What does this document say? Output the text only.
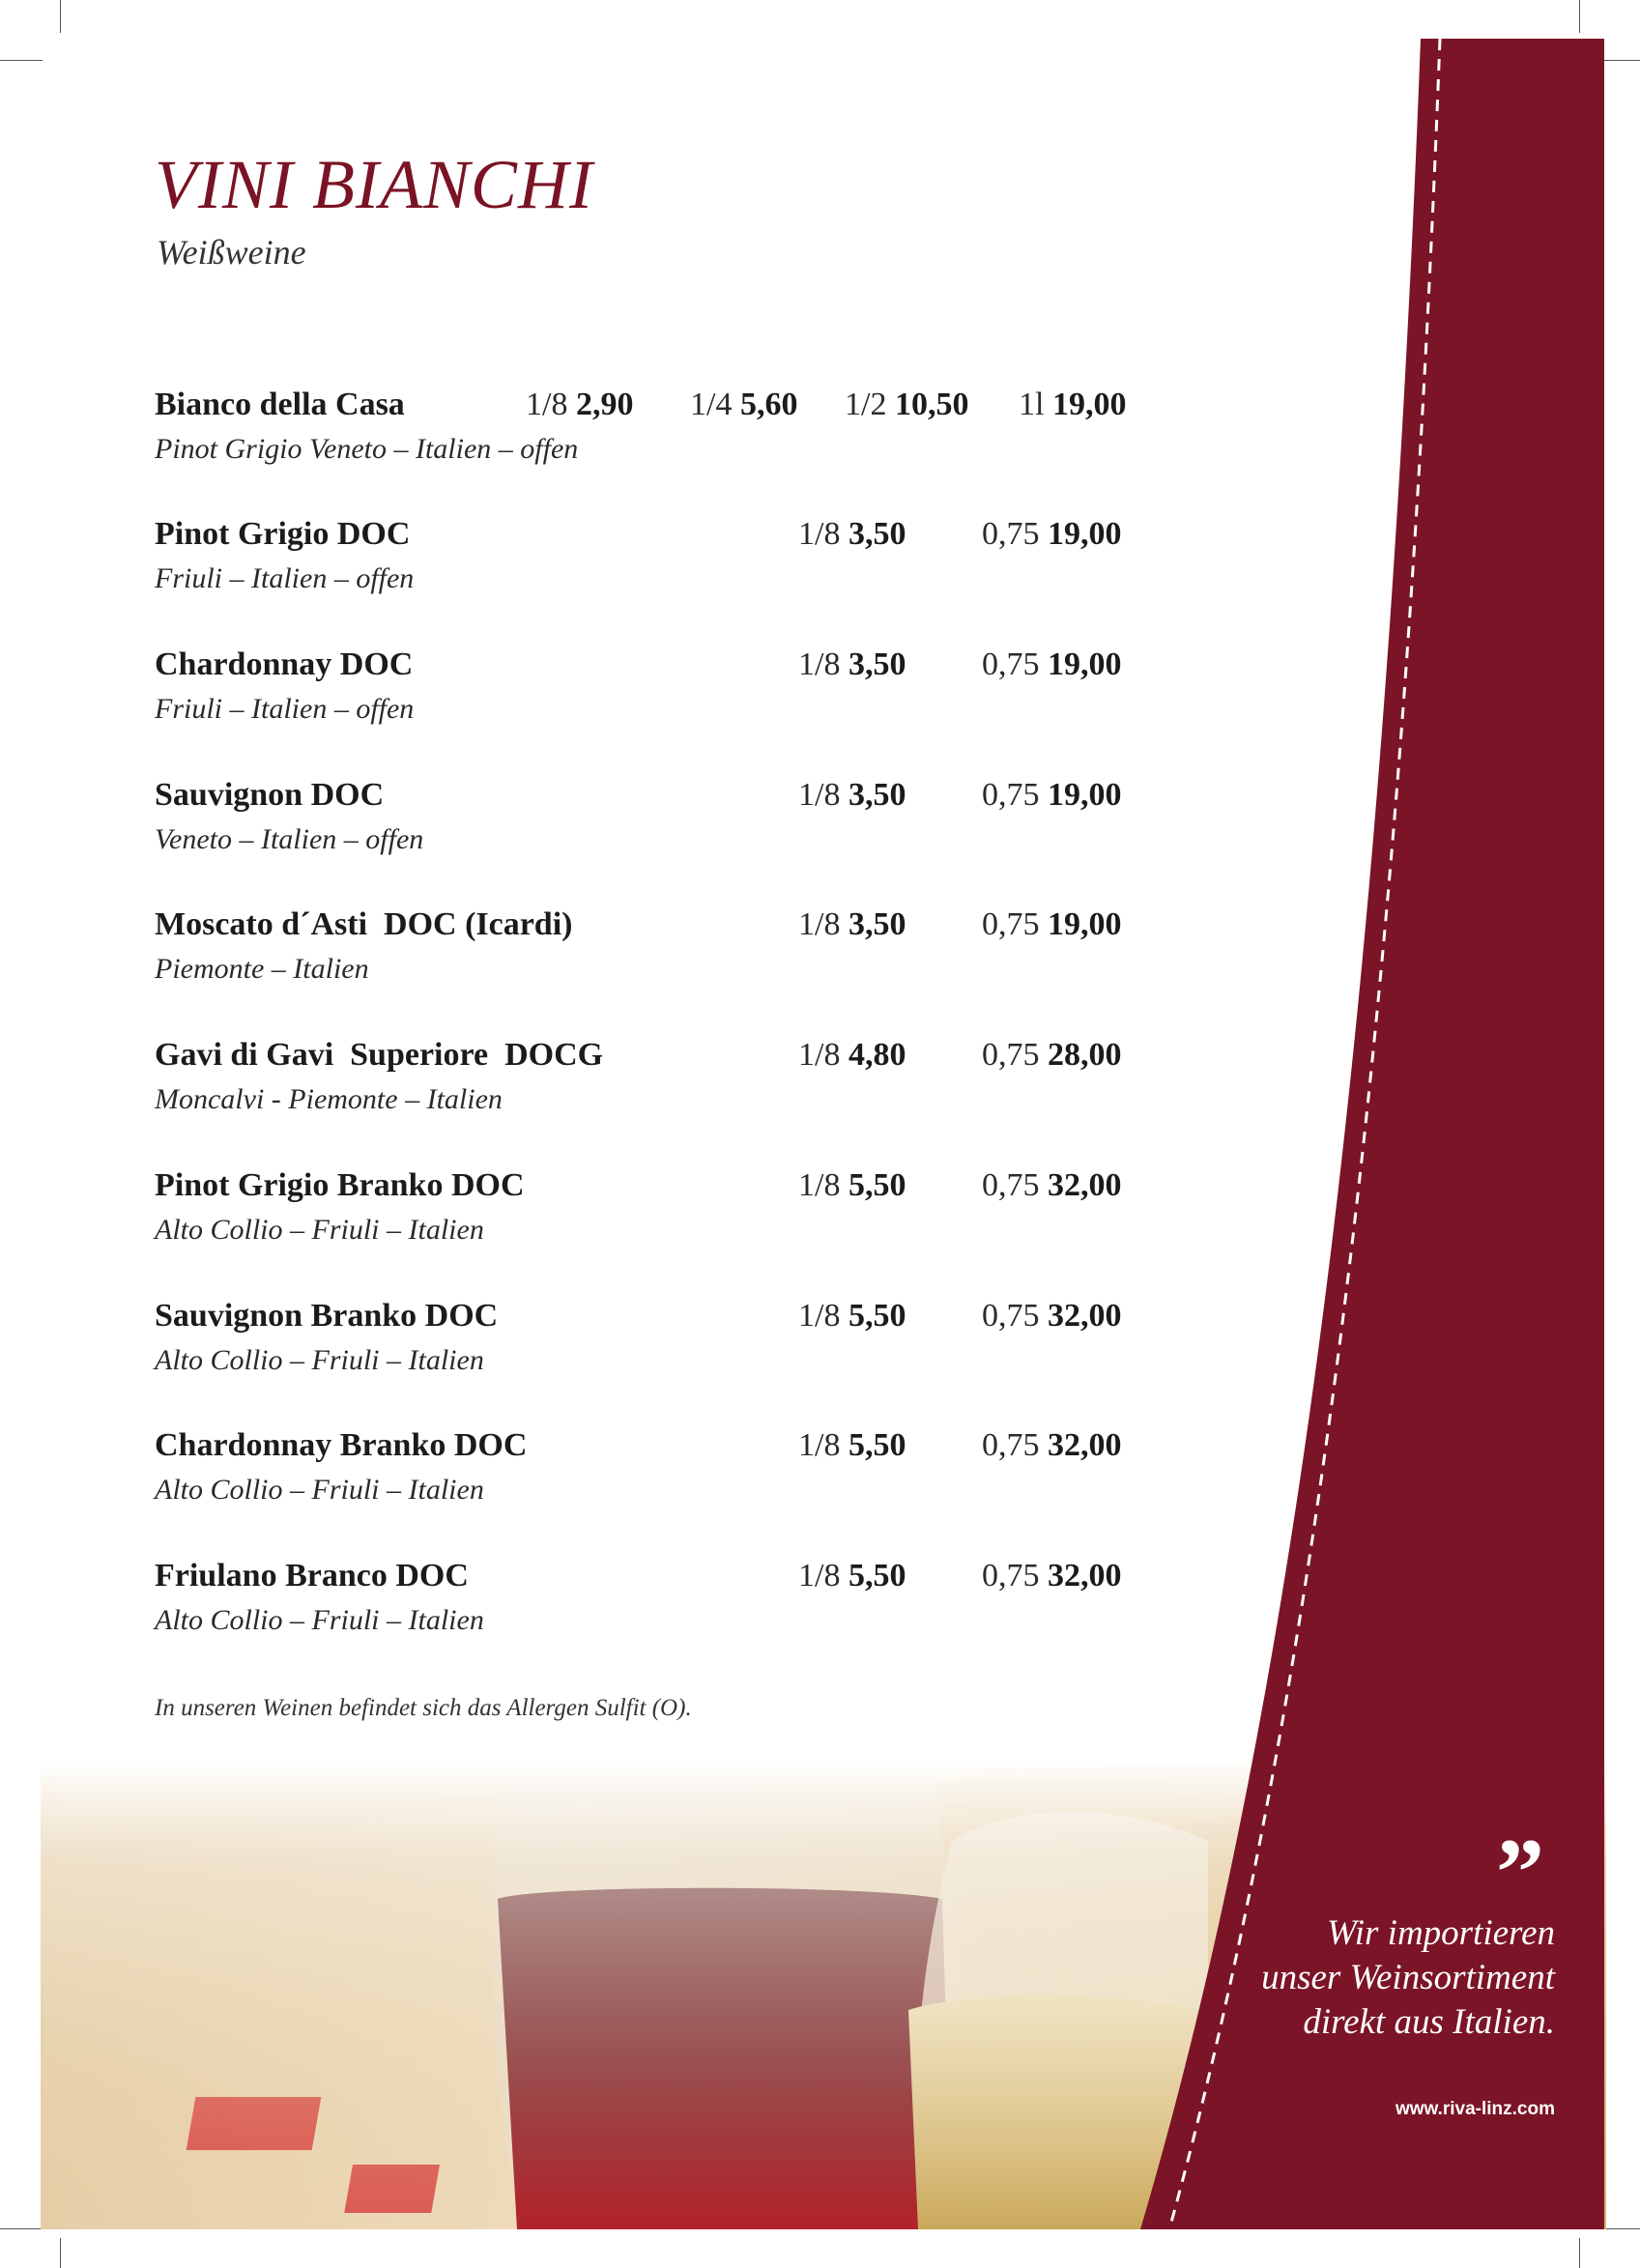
VINI BIANCHI
Weißweine
Bianco della Casa
Pinot Grigio Veneto – Italien – offen
1/8 2,90 1/4 5,60 1/2 10,50 1l 19,00
Pinot Grigio DOC
Friuli – Italien – offen
1/8 3,50 0,75 19,00
Chardonnay DOC
Friuli – Italien – offen
1/8 3,50 0,75 19,00
Sauvignon DOC
Veneto – Italien – offen
1/8 3,50 0,75 19,00
Moscato d´Asti  DOC (Icardi)
Piemonte – Italien
1/8 3,50 0,75 19,00
Gavi di Gavi  Superiore  DOCG
Moncalvi - Piemonte – Italien
1/8 4,80 0,75 28,00
Pinot Grigio Branko DOC
Alto Collio – Friuli – Italien
1/8 5,50 0,75 32,00
Sauvignon Branko DOC
Alto Collio – Friuli – Italien
1/8 5,50 0,75 32,00
Chardonnay Branko DOC
Alto Collio – Friuli – Italien
1/8 5,50 0,75 32,00
Friulano Branco DOC
Alto Collio – Friuli – Italien
1/8 5,50 0,75 32,00
In unseren Weinen befindet sich das Allergen Sulfit (O).
”
Wir importieren
unser Weinsortiment
direkt aus Italien.
www.riva-linz.com
